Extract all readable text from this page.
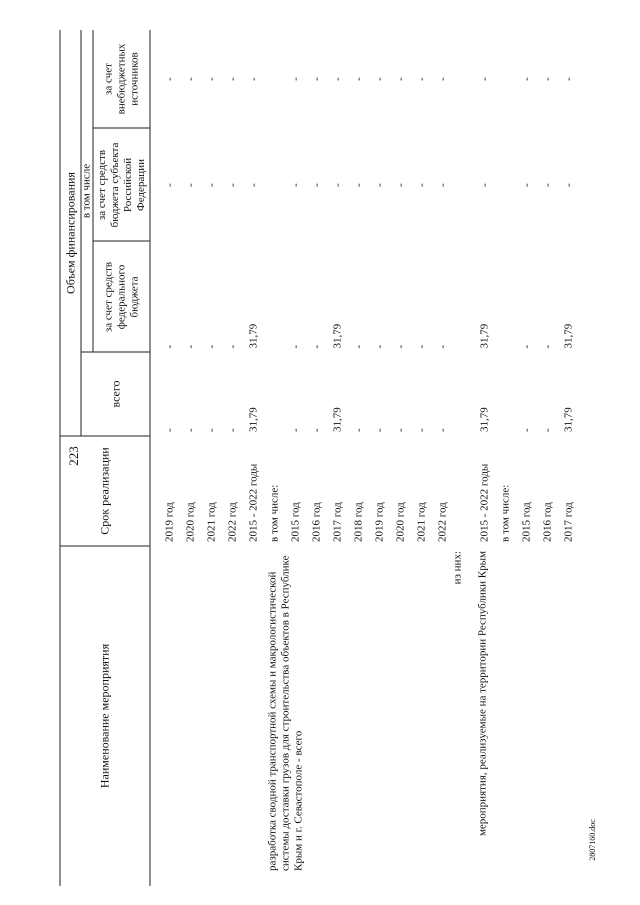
223
Наименование мероприятия
Срок реализации
Объем финансирования
всего
в том числе
за счет средств федерального бюджета
за счет средств бюджета субъекта Российской Федерации
за счет внебюджетных источников
разработка сводной транспортной схемы и макрологистической системы доставки грузов для строительства объектов в Республике Крым и г. Севастополе - всего
из них: мероприятия, реализуемые на территории Республики Крым
2019 год
-
-
-
-
2020 год
-
-
-
-
2021 год
-
-
-
-
2022 год
-
-
-
-
2015 - 2022 годы
31,79
31,79
-
-
в том числе: 2015 год
-
-
-
-
2016 год
-
-
-
-
2017 год
31,79
31,79
-
-
2018 год
-
-
-
-
2019 год
-
-
-
-
2020 год
-
-
-
-
2021 год
-
-
-
-
2022 год
-
-
-
-
2015 - 2022 годы
31,79
31,79
-
-
в том числе: 2015 год
-
-
-
-
2016 год
-
-
-
-
2017 год
31,79
31,79
-
-
2807160.doc
